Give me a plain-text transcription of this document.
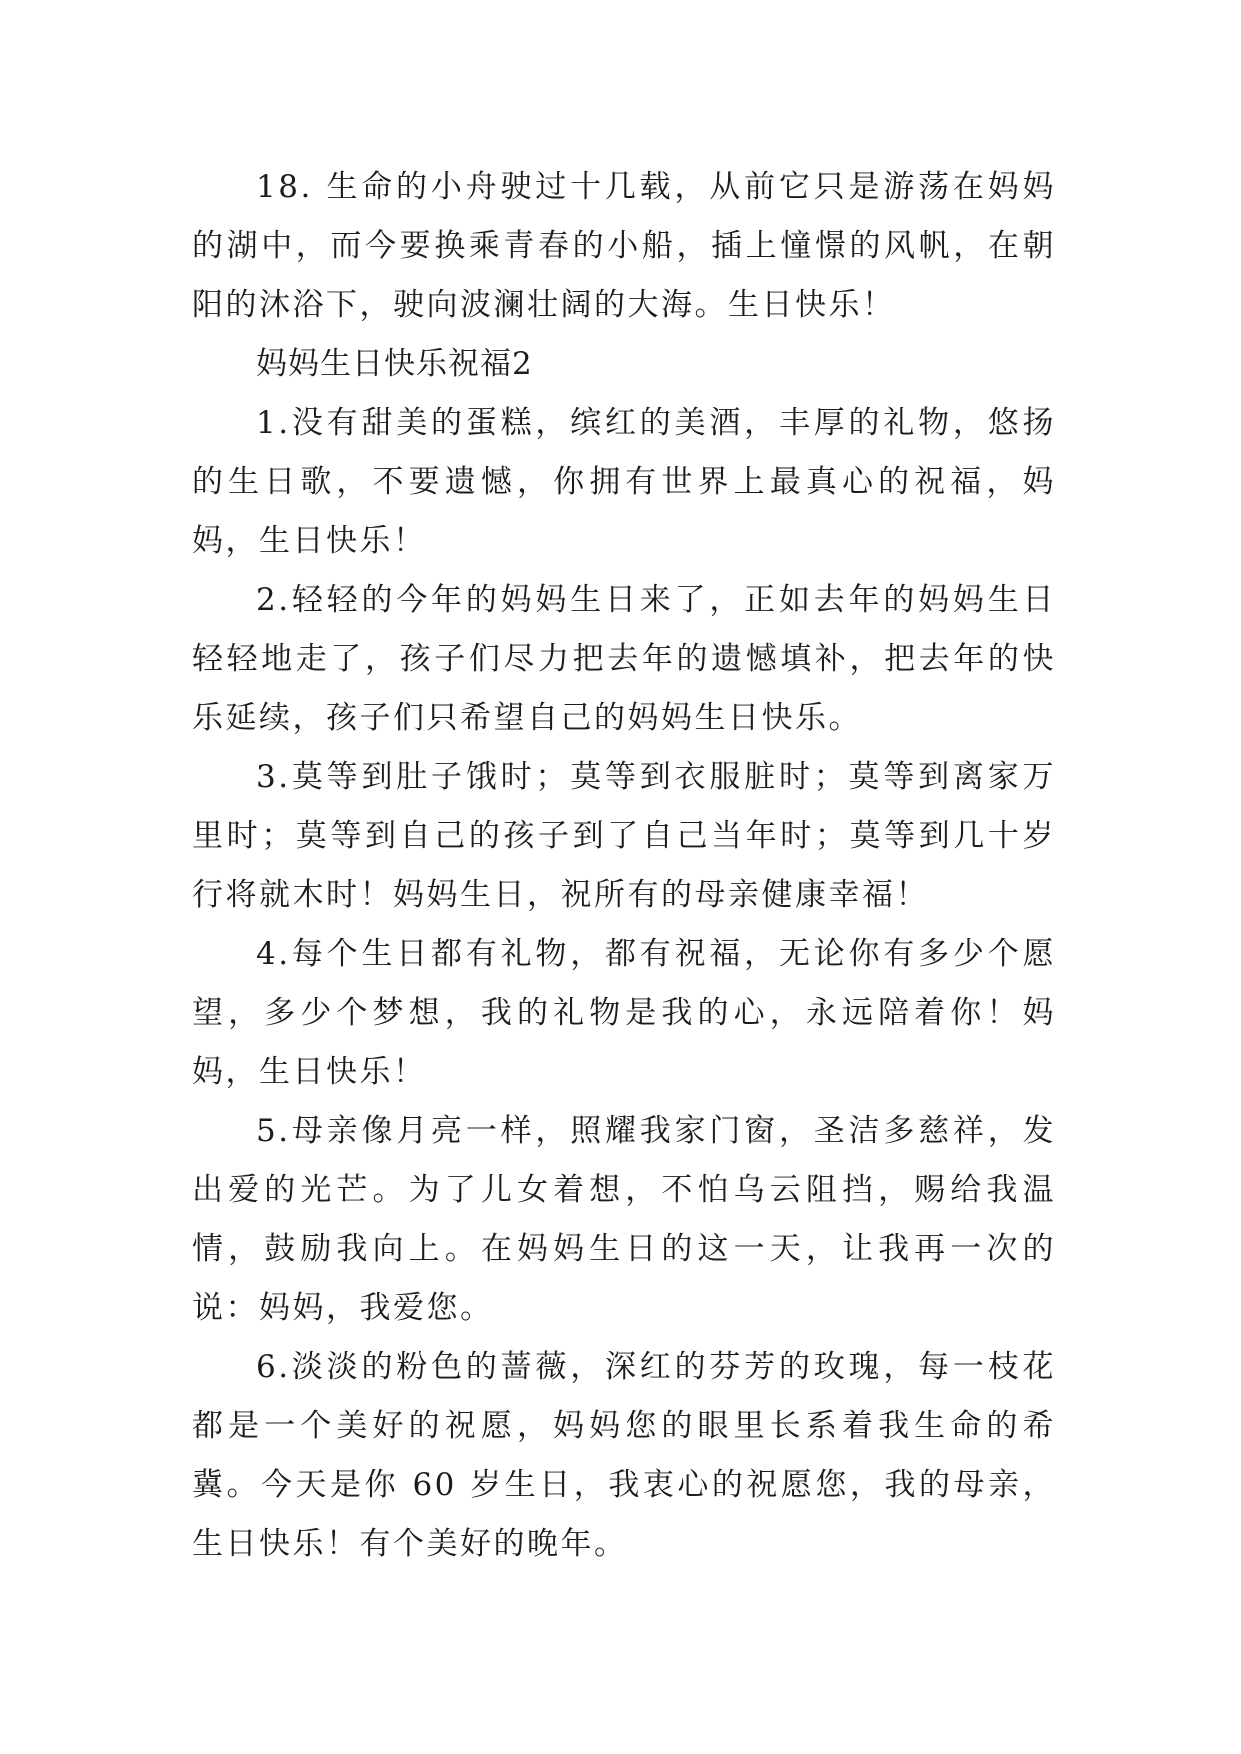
18. 生命的小舟驶过十几载，从前它只是游荡在妈妈的湖中，而今要换乘青春的小船，插上憧憬的风帆，在朝阳的沐浴下，驶向波澜壮阔的大海。生日快乐！

妈妈生日快乐祝福2

1.没有甜美的蛋糕，缤红的美酒，丰厚的礼物，悠扬的生日歌，不要遗憾，你拥有世界上最真心的祝福，妈妈，生日快乐！

2.轻轻的今年的妈妈生日来了，正如去年的妈妈生日轻轻地走了，孩子们尽力把去年的遗憾填补，把去年的快乐延续，孩子们只希望自己的妈妈生日快乐。

3.莫等到肚子饿时；莫等到衣服脏时；莫等到离家万里时；莫等到自己的孩子到了自己当年时；莫等到几十岁行将就木时！妈妈生日，祝所有的母亲健康幸福！

4.每个生日都有礼物，都有祝福，无论你有多少个愿望，多少个梦想，我的礼物是我的心，永远陪着你！妈妈，生日快乐！

5.母亲像月亮一样，照耀我家门窗，圣洁多慈祥，发出爱的光芒。为了儿女着想，不怕乌云阻挡，赐给我温情，鼓励我向上。在妈妈生日的这一天，让我再一次的说：妈妈，我爱您。

6.淡淡的粉色的蔷薇，深红的芬芳的玫瑰，每一枝花都是一个美好的祝愿，妈妈您的眼里长系着我生命的希冀。今天是你 60 岁生日，我衷心的祝愿您，我的母亲，生日快乐！有个美好的晚年。
